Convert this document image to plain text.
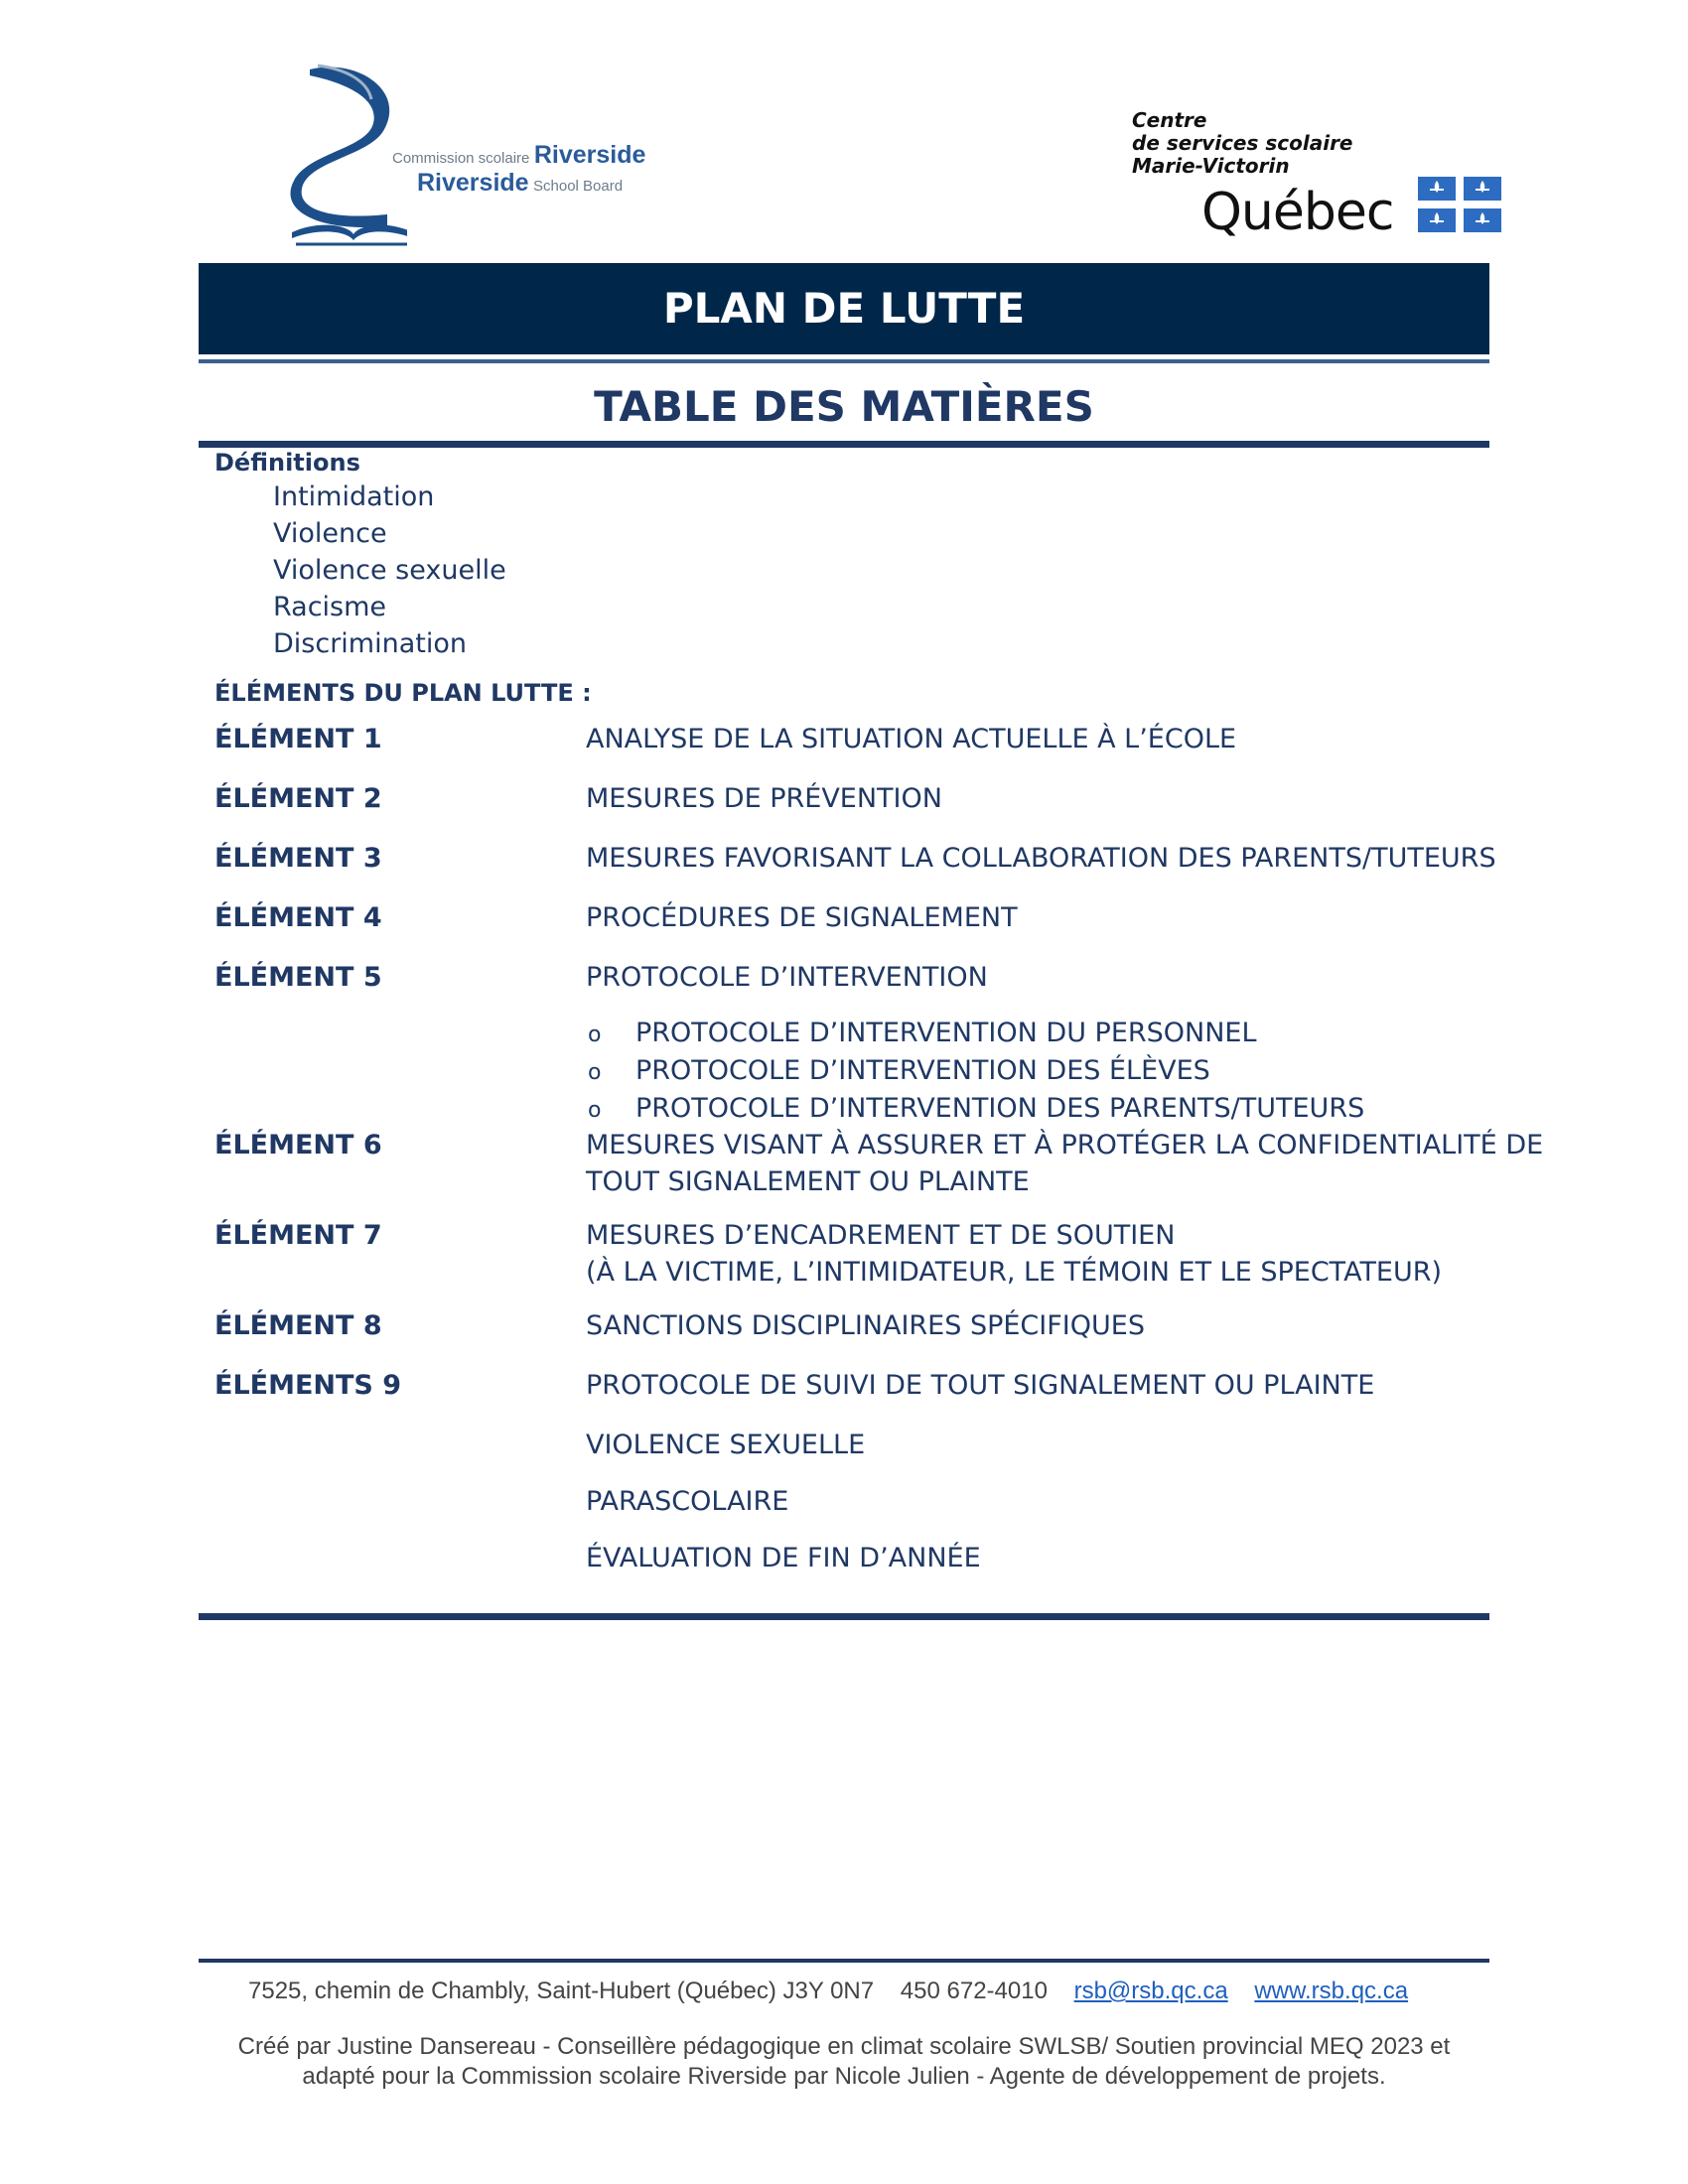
Commission scolaire Riverside
Riverside School Board
Centre
de services scolaire
Marie-Victorin
Québec
PLAN DE LUTTE
TABLE DES MATIÈRES
Définitions
Intimidation
Violence
Violence sexuelle
Racisme
Discrimination
ÉLÉMENTS DU PLAN LUTTE :
ÉLÉMENT 1	ANALYSE DE LA SITUATION ACTUELLE À L’ÉCOLE
ÉLÉMENT 2	MESURES DE PRÉVENTION
ÉLÉMENT 3	MESURES FAVORISANT LA COLLABORATION DES PARENTS/TUTEURS
ÉLÉMENT 4	PROCÉDURES DE SIGNALEMENT
ÉLÉMENT 5	PROTOCOLE D’INTERVENTION
o PROTOCOLE D’INTERVENTION DU PERSONNEL
o PROTOCOLE D’INTERVENTION DES ÉLÈVES
o PROTOCOLE D’INTERVENTION DES PARENTS/TUTEURS
ÉLÉMENT 6	MESURES VISANT À ASSURER ET À PROTÉGER LA CONFIDENTIALITÉ DE
TOUT SIGNALEMENT OU PLAINTE
ÉLÉMENT 7	MESURES D’ENCADREMENT ET DE SOUTIEN
(À LA VICTIME, L’INTIMIDATEUR, LE TÉMOIN ET LE SPECTATEUR)
ÉLÉMENT 8	SANCTIONS DISCIPLINAIRES SPÉCIFIQUES
ÉLÉMENTS 9	PROTOCOLE DE SUIVI DE TOUT SIGNALEMENT OU PLAINTE
VIOLENCE SEXUELLE
PARASCOLAIRE
ÉVALUATION DE FIN D’ANNÉE
7525, chemin de Chambly, Saint-Hubert (Québec) J3Y 0N7 450 672-4010 rsb@rsb.qc.ca www.rsb.qc.ca
Créé par Justine Dansereau - Conseillère pédagogique en climat scolaire SWLSB/ Soutien provincial MEQ 2023 et
adapté pour la Commission scolaire Riverside par Nicole Julien - Agente de développement de projets.
